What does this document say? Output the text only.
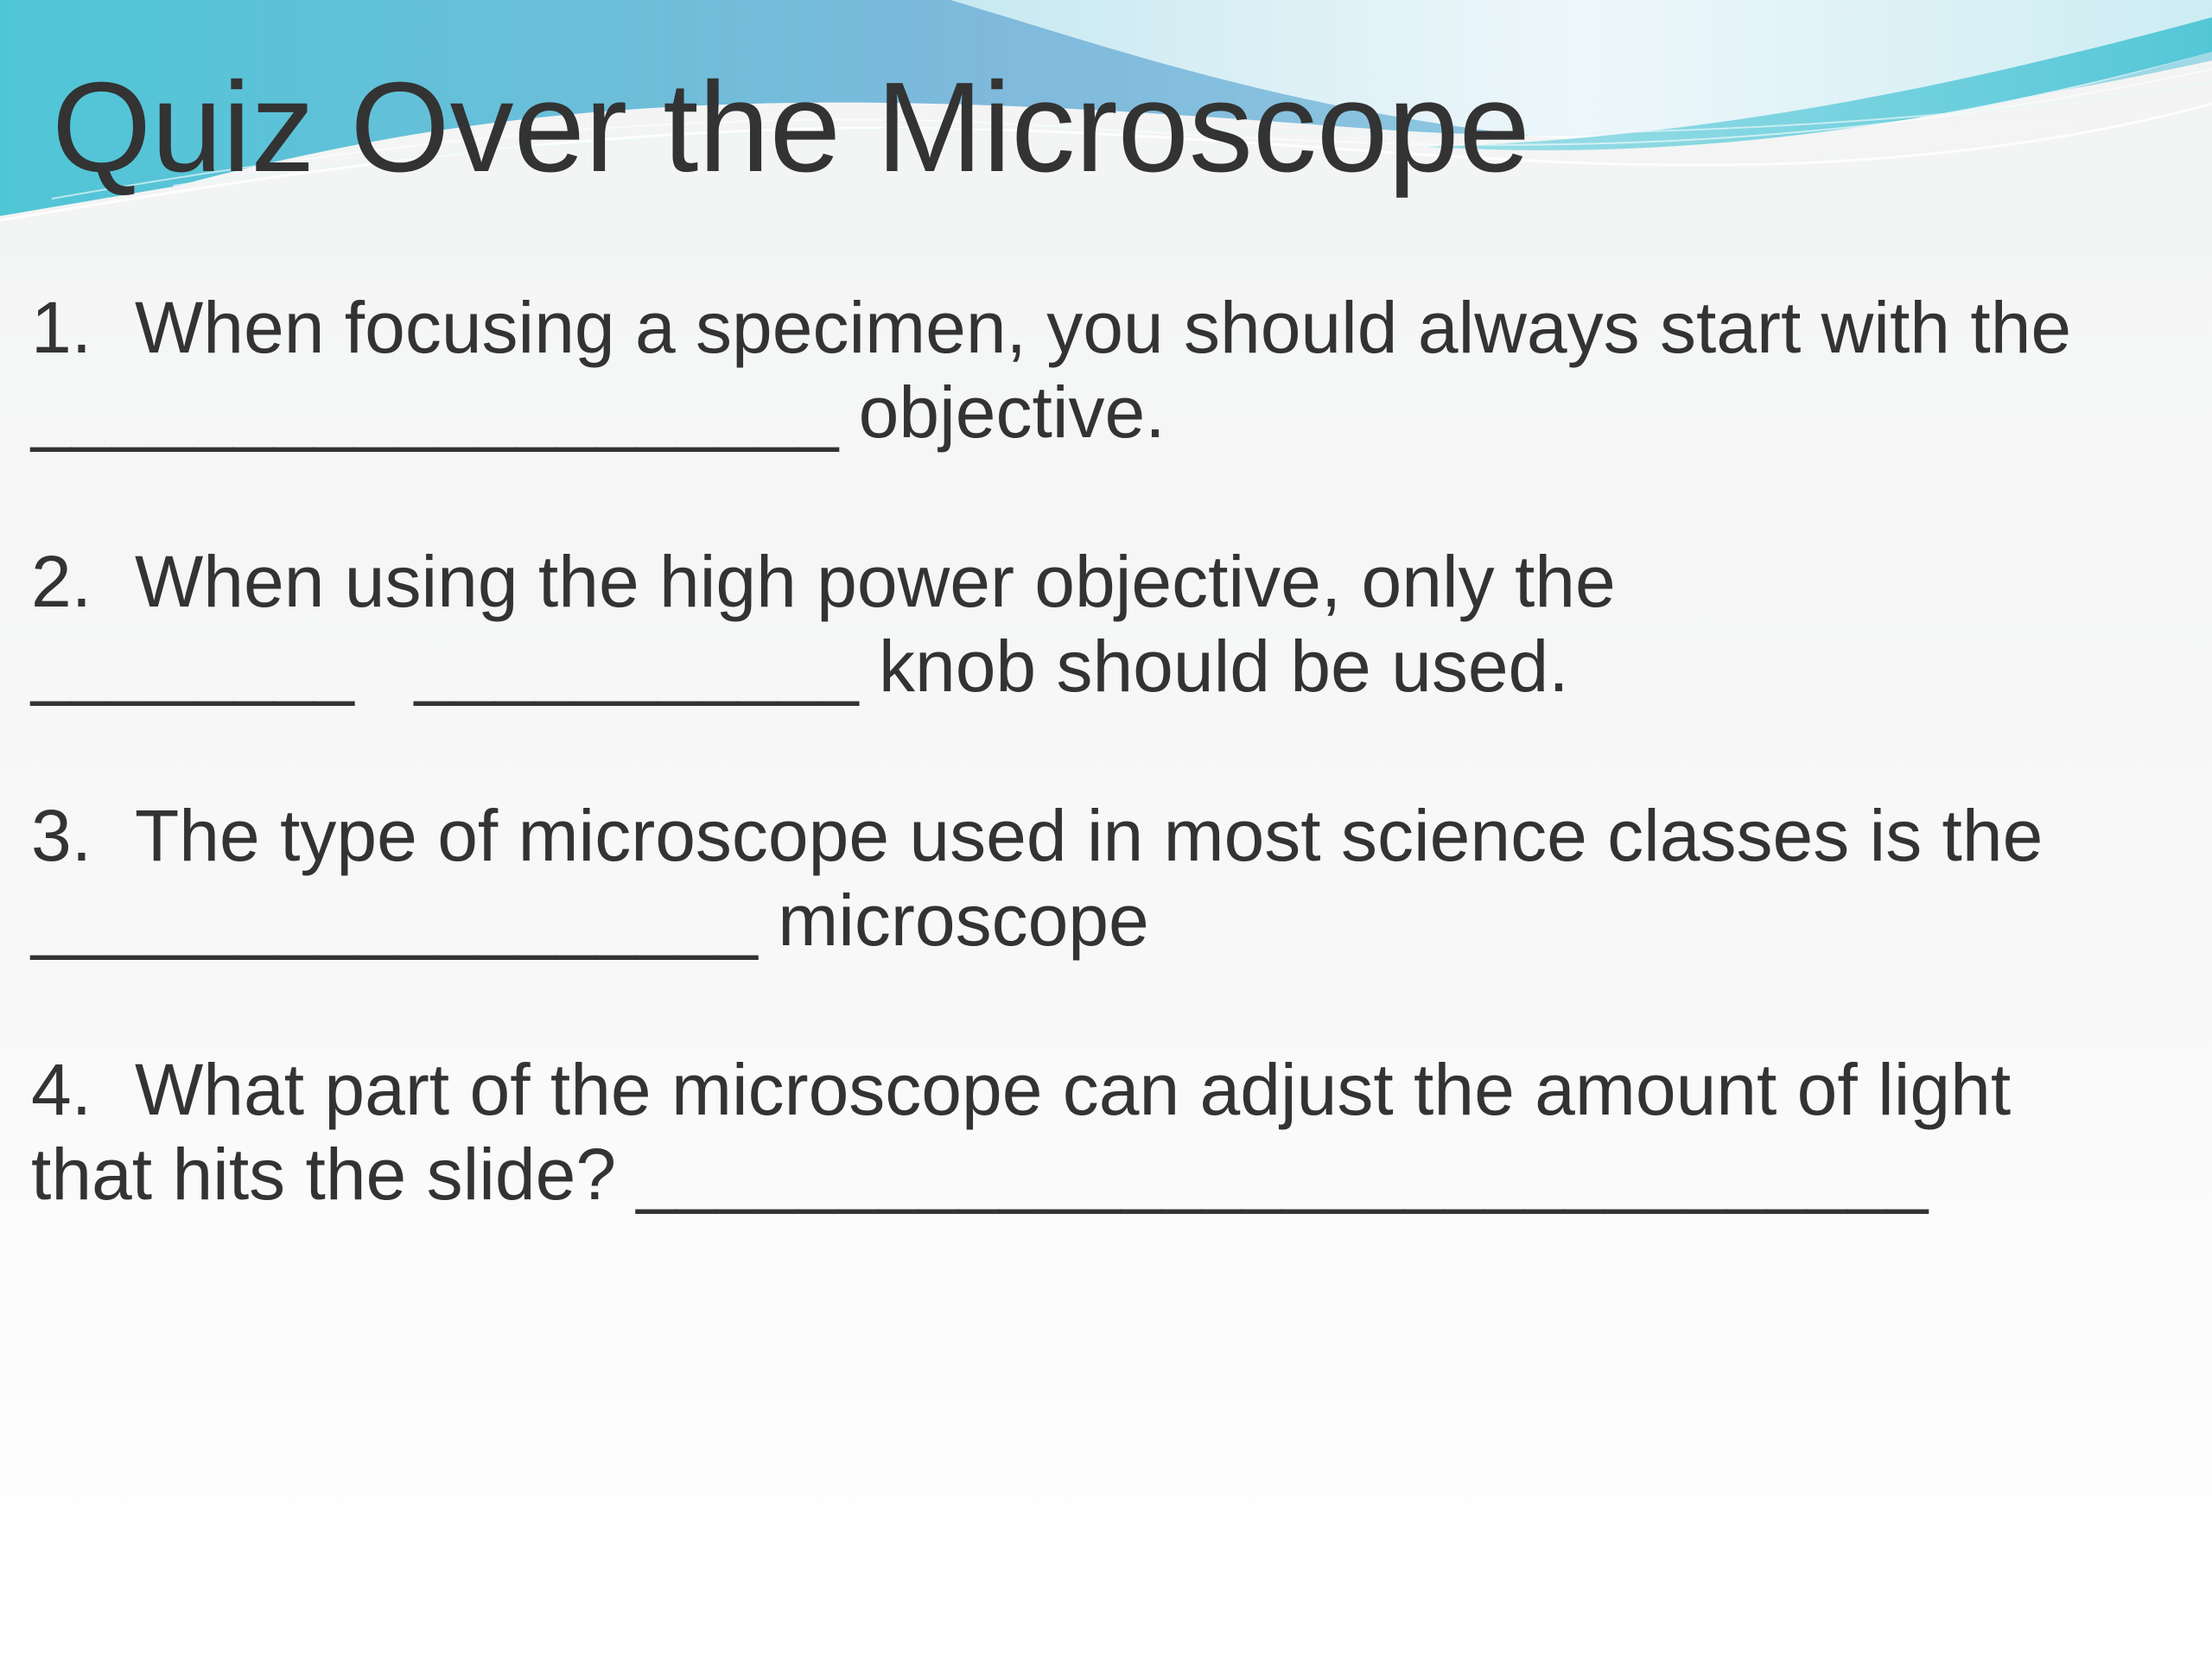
Quiz Over the Microscope
1. When focusing a specimen, you should always start with the
____________________ objective.
2. When using the high power objective, only the
________ ___________ knob should be used.
3. The type of microscope used in most science classes is the
__________________ microscope
4. What part of the microscope can adjust the amount of light
that hits the slide? ________________________________
